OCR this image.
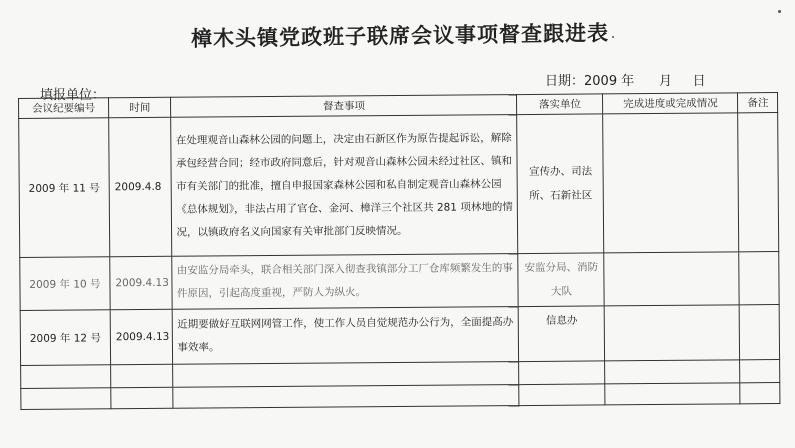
樟木头镇党政班子联席会议事项督查跟进表
日期：2009 年      月     日
填报单位：
会议纪要编号	时间	督查事项	落实单位	完成进度或完成情况	备注
2009 年 11 号	2009.4.8	在处理观音山森林公园的问题上，决定由石新区作为原告提起诉讼，解除承包经营合同；经市政府同意后，针对观音山森林公园未经过社区、镇和市有关部门的批准，擅自申报国家森林公园和私自制定观音山森林公园《总体规划》，非法占用了官仓、金河、樟洋三个社区共 281 项林地的情况，以镇政府名义向国家有关审批部门反映情况。	宣传办、司法所、石新社区		
2009 年 10 号	2009.4.13	由安监分局牵头，联合相关部门深入彻查我镇部分工厂仓库频繁发生的事件原因，引起高度重视，严防人为纵火。	安监分局、消防大队		
2009 年 12 号	2009.4.13	近期要做好互联网网管工作，使工作人员自觉规范办公行为，全面提高办事效率。	信息办		
